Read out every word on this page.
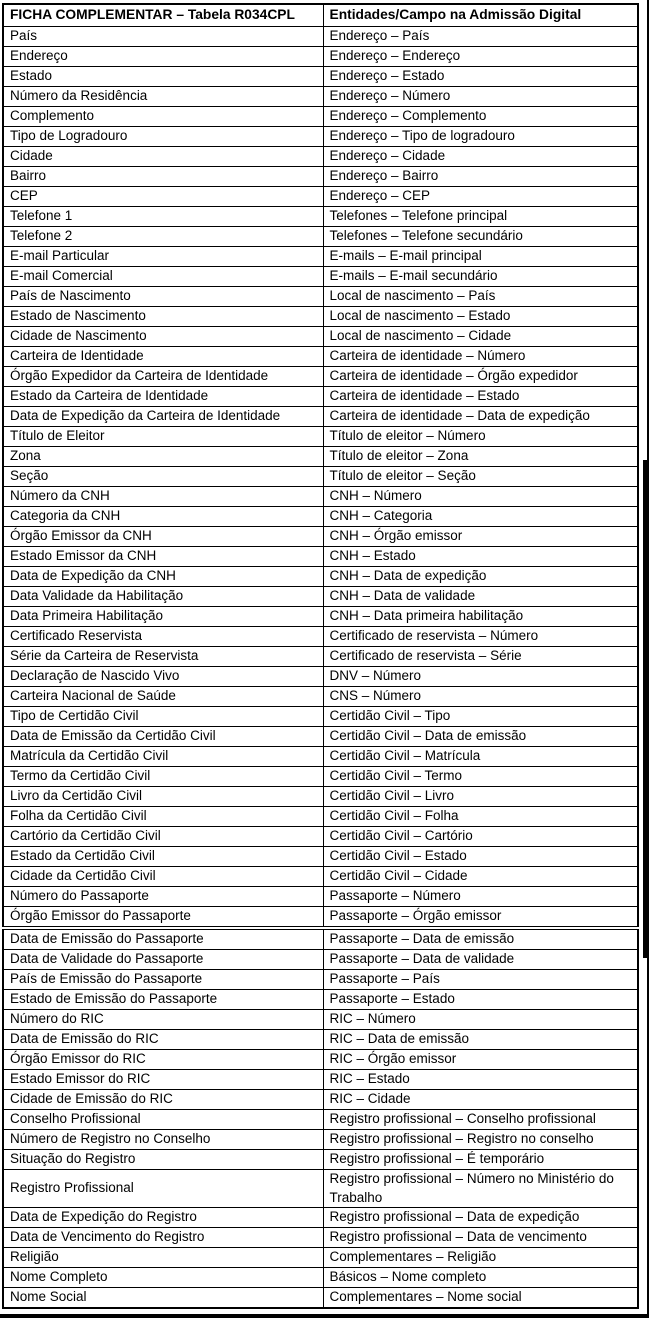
FICHA COMPLEMENTAR – Tabela R034CPL	Entidades/Campo na Admissão Digital
País	Endereço – País
Endereço	Endereço – Endereço
Estado	Endereço – Estado
Número da Residência	Endereço – Número
Complemento	Endereço – Complemento
Tipo de Logradouro	Endereço – Tipo de logradouro
Cidade	Endereço – Cidade
Bairro	Endereço – Bairro
CEP	Endereço – CEP
Telefone 1	Telefones – Telefone principal
Telefone 2	Telefones – Telefone secundário
E-mail Particular	E-mails – E-mail principal
E-mail Comercial	E-mails – E-mail secundário
País de Nascimento	Local de nascimento – País
Estado de Nascimento	Local de nascimento – Estado
Cidade de Nascimento	Local de nascimento – Cidade
Carteira de Identidade	Carteira de identidade – Número
Órgão Expedidor da Carteira de Identidade	Carteira de identidade – Órgão expedidor
Estado da Carteira de Identidade	Carteira de identidade – Estado
Data de Expedição da Carteira de Identidade	Carteira de identidade – Data de expedição
Título de Eleitor	Título de eleitor – Número
Zona	Título de eleitor – Zona
Seção	Título de eleitor – Seção
Número da CNH	CNH – Número
Categoria da CNH	CNH – Categoria
Órgão Emissor da CNH	CNH – Órgão emissor
Estado Emissor da CNH	CNH – Estado
Data de Expedição da CNH	CNH – Data de expedição
Data Validade da Habilitação	CNH – Data de validade
Data Primeira Habilitação	CNH – Data primeira habilitação
Certificado Reservista	Certificado de reservista – Número
Série da Carteira de Reservista	Certificado de reservista – Série
Declaração de Nascido Vivo	DNV – Número
Carteira Nacional de Saúde	CNS – Número
Tipo de Certidão Civil	Certidão Civil – Tipo
Data de Emissão da Certidão Civil	Certidão Civil – Data de emissão
Matrícula da Certidão Civil	Certidão Civil – Matrícula
Termo da Certidão Civil	Certidão Civil – Termo
Livro da Certidão Civil	Certidão Civil – Livro
Folha da Certidão Civil	Certidão Civil – Folha
Cartório da Certidão Civil	Certidão Civil – Cartório
Estado da Certidão Civil	Certidão Civil – Estado
Cidade da Certidão Civil	Certidão Civil – Cidade
Número do Passaporte	Passaporte – Número
Órgão Emissor do Passaporte	Passaporte – Órgão emissor
Data de Emissão do Passaporte	Passaporte – Data de emissão
Data de Validade do Passaporte	Passaporte – Data de validade
País de Emissão do Passaporte	Passaporte – País
Estado de Emissão do Passaporte	Passaporte – Estado
Número do RIC	RIC – Número
Data de Emissão do RIC	RIC – Data de emissão
Órgão Emissor do RIC	RIC – Órgão emissor
Estado Emissor do RIC	RIC – Estado
Cidade de Emissão do RIC	RIC – Cidade
Conselho Profissional	Registro profissional – Conselho profissional
Número de Registro no Conselho	Registro profissional – Registro no conselho
Situação do Registro	Registro profissional – É temporário
Registro Profissional	Registro profissional – Número no Ministério do Trabalho
Data de Expedição do Registro	Registro profissional – Data de expedição
Data de Vencimento do Registro	Registro profissional – Data de vencimento
Religião	Complementares – Religião
Nome Completo	Básicos – Nome completo
Nome Social	Complementares – Nome social
